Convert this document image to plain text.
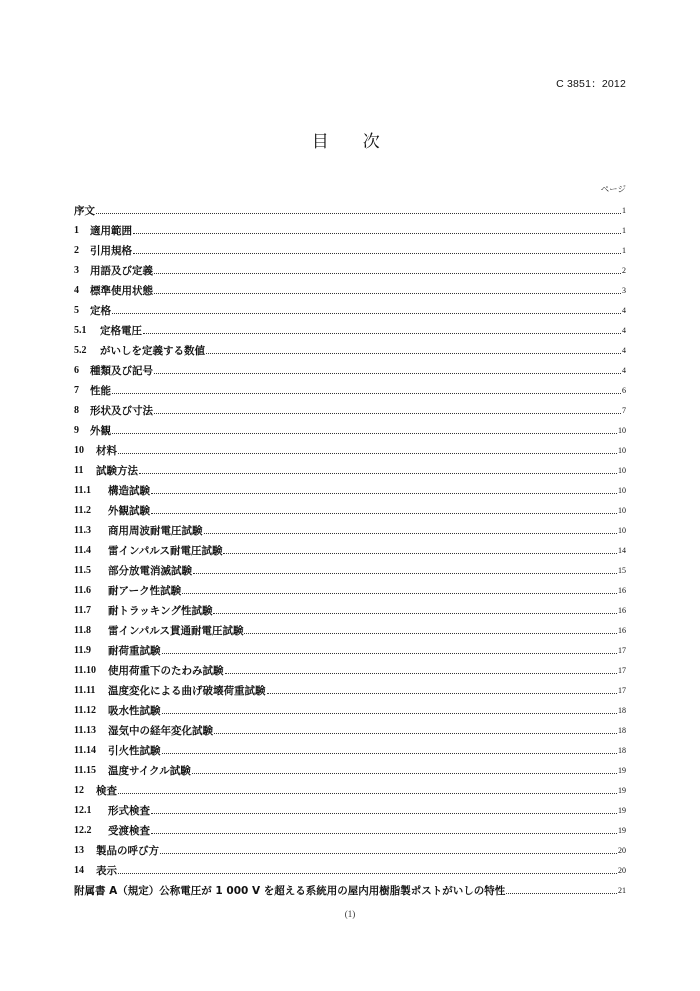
C 3851：2012
目　次
ページ
序文	1
1	適用範囲	1
2	引用規格	1
3	用語及び定義	2
4	標準使用状態	3
5	定格	4
5.1	定格電圧	4
5.2	がいしを定義する数値	4
6	種類及び記号	4
7	性能	6
8	形状及び寸法	7
9	外観	10
10	材料	10
11	試験方法	10
11.1	構造試験	10
11.2	外観試験	10
11.3	商用周波耐電圧試験	10
11.4	雷インパルス耐電圧試験	14
11.5	部分放電消滅試験	15
11.6	耐アーク性試験	16
11.7	耐トラッキング性試験	16
11.8	雷インパルス貫通耐電圧試験	16
11.9	耐荷重試験	17
11.10	使用荷重下のたわみ試験	17
11.11	温度変化による曲げ破壊荷重試験	17
11.12	吸水性試験	18
11.13	湿気中の経年変化試験	18
11.14	引火性試験	18
11.15	温度サイクル試験	19
12	検査	19
12.1	形式検査	19
12.2	受渡検査	19
13	製品の呼び方	20
14	表示	20
附属書 A（規定）公称電圧が 1 000 V を超える系統用の屋内用樹脂製ポストがいしの特性	21
(1)
